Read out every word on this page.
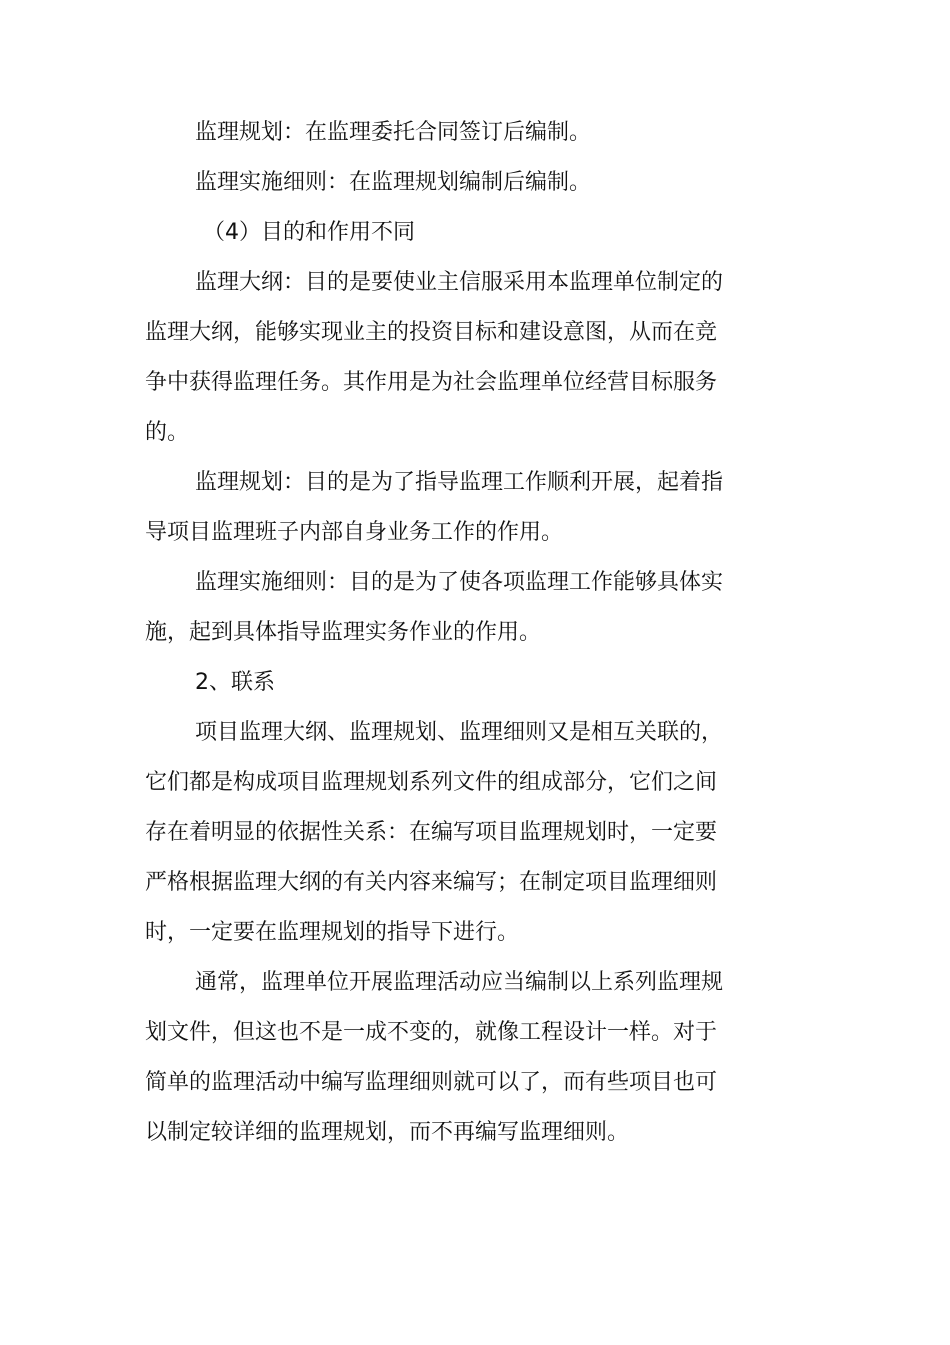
监理规划：在监理委托合同签订后编制。
监理实施细则：在监理规划编制后编制。
（4）目的和作用不同
监理大纲：目的是要使业主信服采用本监理单位制定的
监理大纲，能够实现业主的投资目标和建设意图，从而在竞
争中获得监理任务。其作用是为社会监理单位经营目标服务
的。
监理规划：目的是为了指导监理工作顺利开展，起着指
导项目监理班子内部自身业务工作的作用。
监理实施细则：目的是为了使各项监理工作能够具体实
施，起到具体指导监理实务作业的作用。
2、联系
项目监理大纲、监理规划、监理细则又是相互关联的，
它们都是构成项目监理规划系列文件的组成部分，它们之间
存在着明显的依据性关系：在编写项目监理规划时，一定要
严格根据监理大纲的有关内容来编写；在制定项目监理细则
时，一定要在监理规划的指导下进行。
通常，监理单位开展监理活动应当编制以上系列监理规
划文件，但这也不是一成不变的，就像工程设计一样。对于
简单的监理活动中编写监理细则就可以了，而有些项目也可
以制定较详细的监理规划，而不再编写监理细则。
